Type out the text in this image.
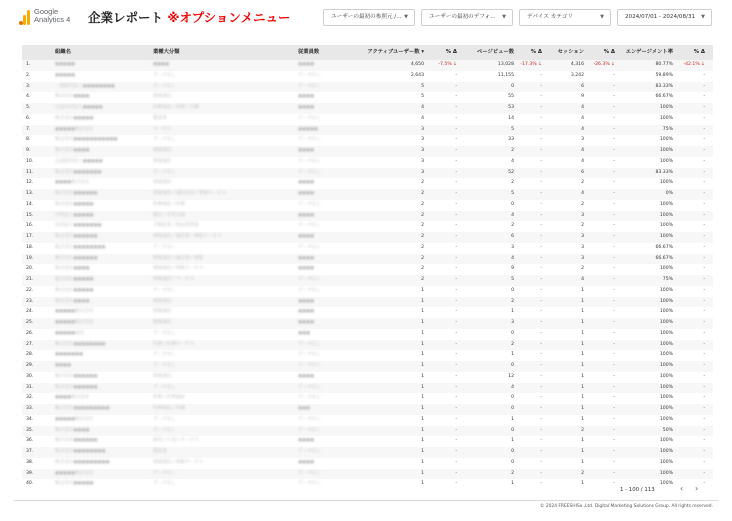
Google
Analytics 4 企業レポート ※オプションメニュー	ユーザーの最初の参照元 /... ▼	ユーザーの最初のデフォ... ▼	デバイス カテゴリ	▼	2024/07/01 - 2024/08/31 ▼
組織名	業種大分類	従業員数	アクティブユーザー数 ▾	% Δ	ページビュー数	% Δ	セッション	% Δ	エンゲージメント率	% Δ
1.	●●●●●	●●●●	●●●●	4,650	-7.5% ↓	13,028	-17.3% ↓	4,316	-26.3% ↓	80.77%	-42.1% ↓
2.	●●●●●	データなし	データなし	2,643	-	11,155	-	3,242	-	59.89%	-
3.	一般財団法人●●●●●●●●	データなし	データなし	5	-	0	-	6	-	83.33%	-
4.	株式会社●●●●	情報通信	●●●●	5	-	55	-	9	-	66.67%	-
5.	公益社団法人●●●●●	医療福祉 / 医療 / 介護	●●●●	4	-	53	-	4	-	100%	-
6.	株式会社●●●●●	製造業	データなし	4	-	14	-	4	-	100%	-
7.	●●●●●株式会社	サービス	●●●●●	3	-	5	-	4	-	75%	-
8.	株式会社●●●●●●●●●●●	データなし	データなし	3	-	33	-	3	-	100%	-
9.	株式会社●●●●	情報通信	●●●●	3	-	2	-	4	-	100%	-
10.	公益財団法人●●●●●	情報通信	データなし	3	-	4	-	4	-	100%	-
11.	株式会社●●●●●●●	データなし	データなし	3	-	52	-	6	-	83.33%	-
12.	●●●●株式会社	情報通信	●●●●	2	-	2	-	2	-	100%	-
13.	株式会社●●●●●●	情報通信 / 通信放送 / 情報サービス	●●●●	2	-	5	-	4	-	0%	-
14.	株式会社●●●●●	医療福祉 / 医療	データなし	2	-	0	-	2	-	100%	-
15.	学校法人●●●●●	教育 / 学習支援	●●●●	2	-	4	-	3	-	100%	-
16.	社団法人●●●●●●●	不動産業 / 物品賃貸業	データなし	2	-	2	-	2	-	100%	-
17.	株式会社●●●●●●	情報通信 / 通信業 / 情報サービス	●●●●	2	-	6	-	3	-	100%	-
18.	株式会社●●●●●●●●	データなし	データなし	2	-	3	-	3	-	66.67%	-
19.	株式会社●●●●●●	情報通信 / 通信業 / 情報	●●●●	2	-	4	-	3	-	66.67%	-
20.	株式会社●●●●	情報通信 / 情報サービス	●●●●	2	-	9	-	2	-	100%	-
21.	株式会社●●●●●	情報通信 / サービス	データなし	2	-	5	-	4	-	75%	-
22.	株式会社●●●●●	データなし	データなし	1	-	0	-	1	-	100%	-
23.	株式会社●●●●	情報通信	●●●●	1	-	2	-	1	-	100%	-
24.	●●●●●株式会社	情報通信	●●●●	1	-	1	-	1	-	100%	-
25.	●●●●●株式会社	情報通信	●●●●	1	-	3	-	1	-	100%	-
26.	●●●●●協会	データなし	●●●	1	-	0	-	1	-	100%	-
27.	株式会社●●●●●●●●	医療 / 医療サービス	データなし	1	-	2	-	1	-	100%	-
28.	●●●●●●●	データなし	データなし	1	-	1	-	1	-	100%	-
29.	●●●●	データなし	データなし	1	-	0	-	1	-	100%	-
30.	株式会社●●●●●●	情報通信	●●●●	1	-	12	-	1	-	100%	-
31.	株式会社●●●●●●	データなし	データなし	1	-	4	-	1	-	100%	-
32.	●●●●株式会社	医療 / 医療福祉	データなし	1	-	0	-	1	-	100%	-
33.	株式会社●●●●●●●●●	医療福祉 / 医療	●●●	1	-	0	-	1	-	100%	-
34.	●●●●●株式会社	データなし	データなし	1	-	1	-	1	-	100%	-
35.	株式会社●●●●	データなし	データなし	1	-	0	-	2	-	50%	-
36.	株式会社●●●●●●	卸売 / 小売 / サービス	●●●●	1	-	1	-	1	-	100%	-
37.	株式会社●●●●●●●●	製造業	データなし	1	-	0	-	1	-	100%	-
38.	株式会社●●●●●●●●●	情報通信 / 情報サービス	●●●●	1	-	0	-	1	-	100%	-
39.	●●●●●株式会社	データなし	データなし	1	-	2	-	2	-	100%	-
40.	株式会社●●●●●	データなし	データなし	1	-	1	-	1	-	100%	-
1 - 100 / 113	‹ ›
© 2024 FREESHISo.,Ltd. Digital Marketing Solutions Group. All rights reserved.
